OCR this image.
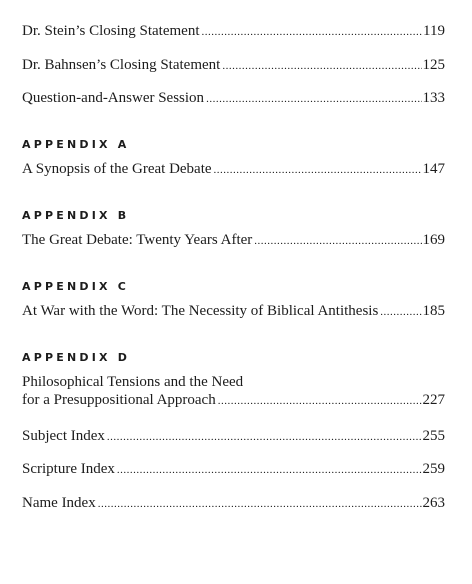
Dr. Stein’s Closing Statement .....	119
Dr. Bahnsen’s Closing Statement .....	125
Question-and-Answer Session .....	133
APPENDIX A
A Synopsis of the Great Debate .....	147
APPENDIX B
The Great Debate: Twenty Years After .....	169
APPENDIX C
At War with the Word: The Necessity of Biblical Antithesis .....	185
APPENDIX D
Philosophical Tensions and the Need
for a Presuppositional Approach .....	227
Subject Index .....	255
Scripture Index .....	259
Name Index .....	263
